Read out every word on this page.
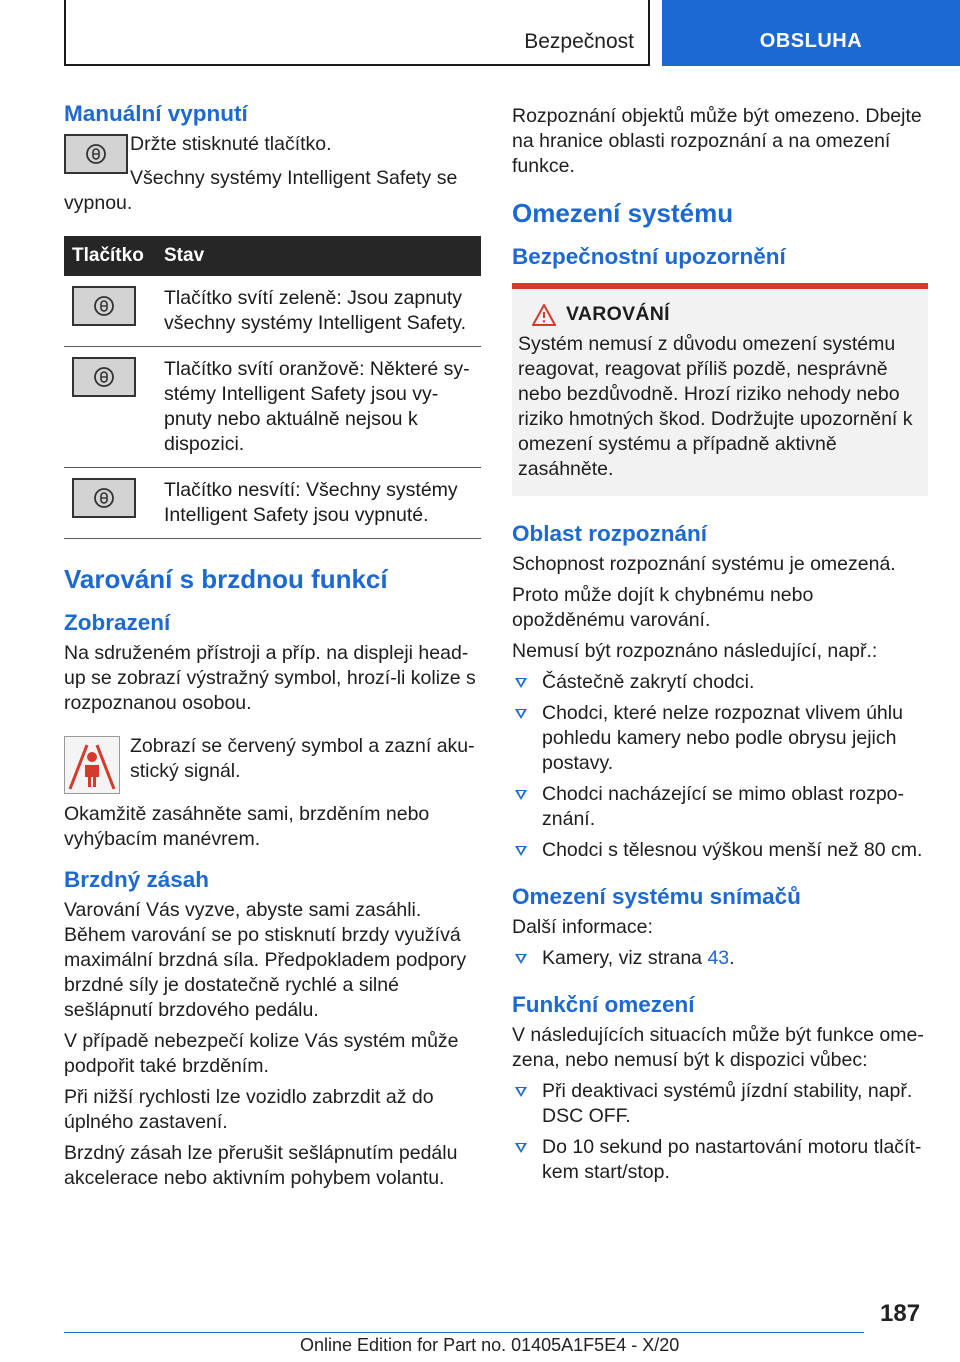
Bezpečnost	OBSLUHA
Manuální vypnutí

Držte stisknuté tlačítko.

Všechny systémy Intelligent Safety se vypnou.

Tlačítko	Stav

	Tlačítko svítí zeleně: Jsou zapnuty všechny systémy Intelligent Safety.

	Tlačítko svítí oranžově: Některé systémy Intelligent Safety jsou vypnuty nebo aktuálně nejsou k dispozici.

	Tlačítko nesvítí: Všechny systémy Intelligent Safety jsou vypnuté.
Varování s brzdnou funkcí
Zobrazení

Na sdruženém přístroji a příp. na displeji head-up se zobrazí výstražný symbol, hrozí-li kolize s rozpoznanou osobou.

Zobrazí se červený symbol a zazní akustický signál.

Okamžitě zasáhněte sami, brzděním nebo vyhýbacím manévrem.

Brzdný zásah

Varování Vás vyzve, abyste sami zasáhli. Během varování se po stisknutí brzdy využívá maximální brzdná síla. Předpokladem podpory brzdné síly je dostatečně rychlé a silné sešlápnutí brzdového pedálu.

V případě nebezpečí kolize Vás systém může podpořit také brzděním.

Při nižší rychlosti lze vozidlo zabrzdit až do úplného zastavení.

Brzdný zásah lze přerušit sešlápnutím pedálu akcelerace nebo aktivním pohybem volantu.

Rozpoznání objektů může být omezeno. Dbejte na hranice oblasti rozpoznání a na omezení funkce.

Omezení systému
Bezpečnostní upozornění
VAROVÁNÍ

Systém nemusí z důvodu omezení systému reagovat, reagovat příliš pozdě, nesprávně nebo bezdůvodně. Hrozí riziko nehody nebo riziko hmotných škod. Dodržujte upozornění k omezení systému a případně aktivně zasáhněte.

Oblast rozpoznání

Schopnost rozpoznání systému je omezená.

Proto může dojít k chybnému nebo opožděnému varování.

Nemusí být rozpoznáno následující, např.:

Částečně zakrytí chodci.
Chodci, které nelze rozpoznat vlivem úhlu pohledu kamery nebo podle obrysu jejich postavy.
Chodci nacházející se mimo oblast rozpoznání.
Chodci s tělesnou výškou menší než 80 cm.
Omezení systému snímačů

Další informace:

Kamery, viz strana 43.
Funkční omezení

V následujících situacích může být funkce omezena, nebo nemusí být k dispozici vůbec:

Při deaktivaci systémů jízdní stability, např. DSC OFF.
Do 10 sekund po nastartování motoru tlačítkem start/stop.
187
Online Edition for Part no. 01405A1F5E4 - X/20
